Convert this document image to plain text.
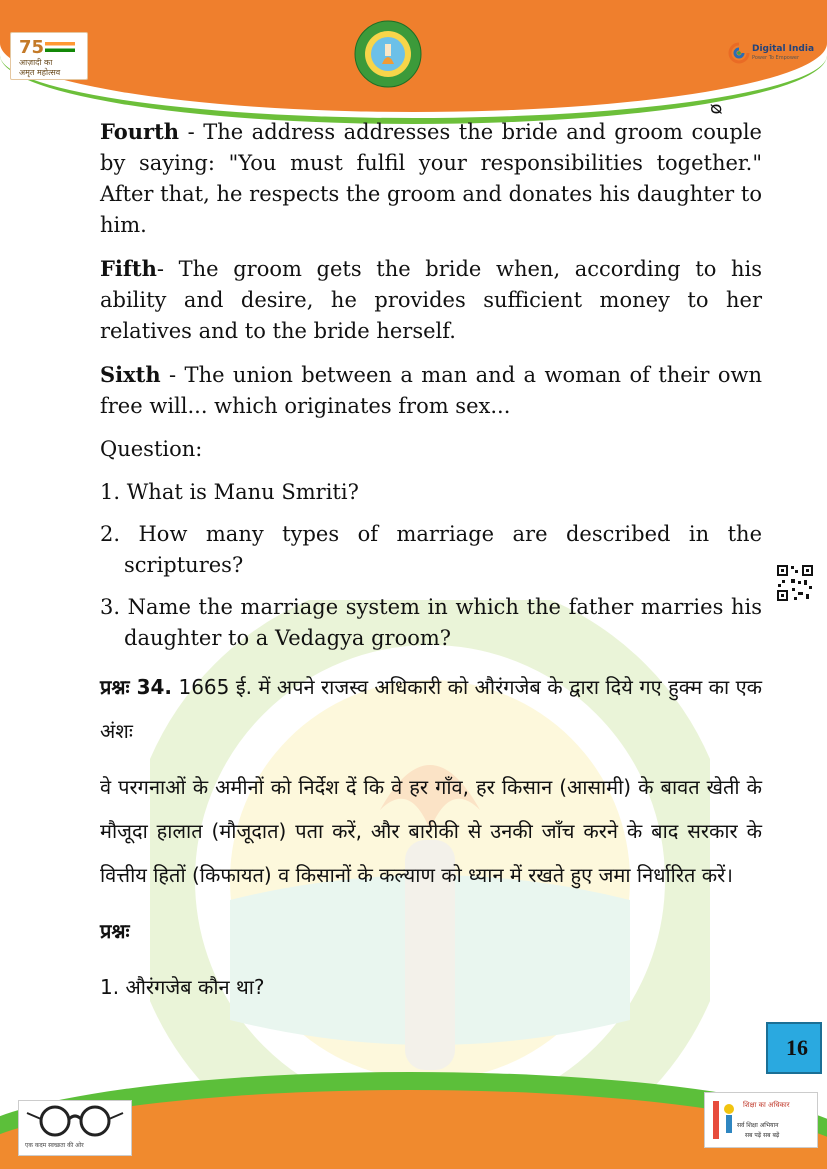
75
आज़ादी का
अमृत महोत्सव
Digital India
Power To Empower
ᴓ

Fourth - The address addresses the bride and groom couple by saying: "You must fulfil your responsibilities together." After that, he respects the groom and donates his daughter to him.

Fifth- The groom gets the bride when, according to his ability and desire, he provides sufficient money to her relatives and to the bride herself.

Sixth - The union between a man and a woman of their own free will... which originates from sex...

Question:

1. What is Manu Smriti?

2. How many types of marriage are described in the scriptures?

3. Name the marriage system in which the father marries his daughter to a Vedagya groom?

प्रश्नः 34. 1665 ई. में अपने राजस्व अधिकारी को औरंगजेब के द्वारा दिये गए हुक्म का एक अंशः

वे परगनाओं के अमीनों को निर्देश दें कि वे हर गाँव, हर किसान (आसामी) के बावत खेती के मौजूदा हालात (मौजूदात) पता करें, और बारीकी से उनकी जाँच करने के बाद सरकार के वित्तीय हितों (किफायत) व किसानों के कल्याण को ध्यान में रखते हुए जमा निर्धारित करें।

प्रश्नः

1. औरंगजेब कौन था?

16
एक कदम स्वच्छता की ओर
शिक्षा का अधिकार
सर्व शिक्षा अभियान
सब पढ़ें सब बढ़ें
